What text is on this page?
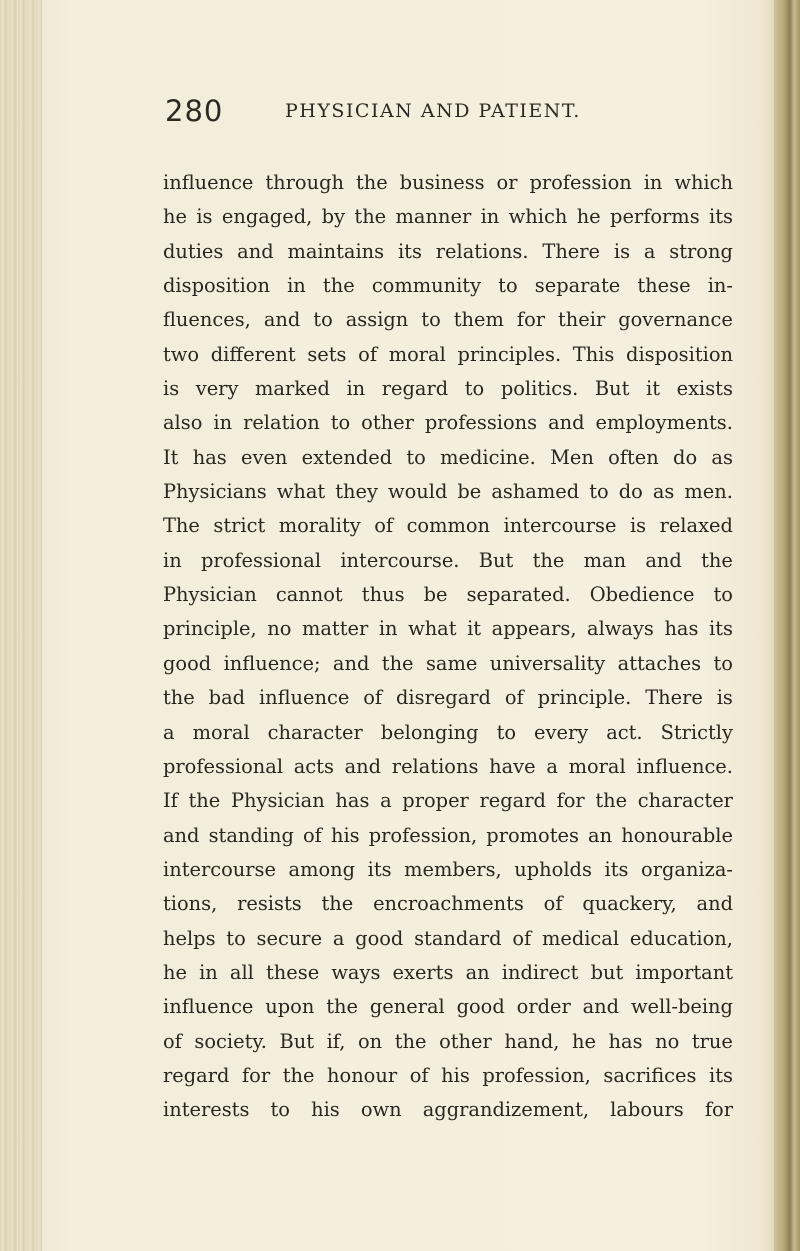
280	PHYSICIAN AND PATIENT.
influence through the business or profession in which
he is engaged, by the manner in which he performs its
duties and maintains its relations. There is a strong
disposition in the community to separate these in-
fluences, and to assign to them for their governance
two different sets of moral principles. This disposition
is very marked in regard to politics. But it exists
also in relation to other professions and employments.
It has even extended to medicine. Men often do as
Physicians what they would be ashamed to do as men.
The strict morality of common intercourse is relaxed
in professional intercourse. But the man and the
Physician cannot thus be separated. Obedience to
principle, no matter in what it appears, always has its
good influence; and the same universality attaches to
the bad influence of disregard of principle. There is
a moral character belonging to every act. Strictly
professional acts and relations have a moral influence.
If the Physician has a proper regard for the character
and standing of his profession, promotes an honourable
intercourse among its members, upholds its organiza-
tions, resists the encroachments of quackery, and
helps to secure a good standard of medical education,
he in all these ways exerts an indirect but important
influence upon the general good order and well-being
of society. But if, on the other hand, he has no true
regard for the honour of his profession, sacrifices its
interests to his own aggrandizement, labours for
